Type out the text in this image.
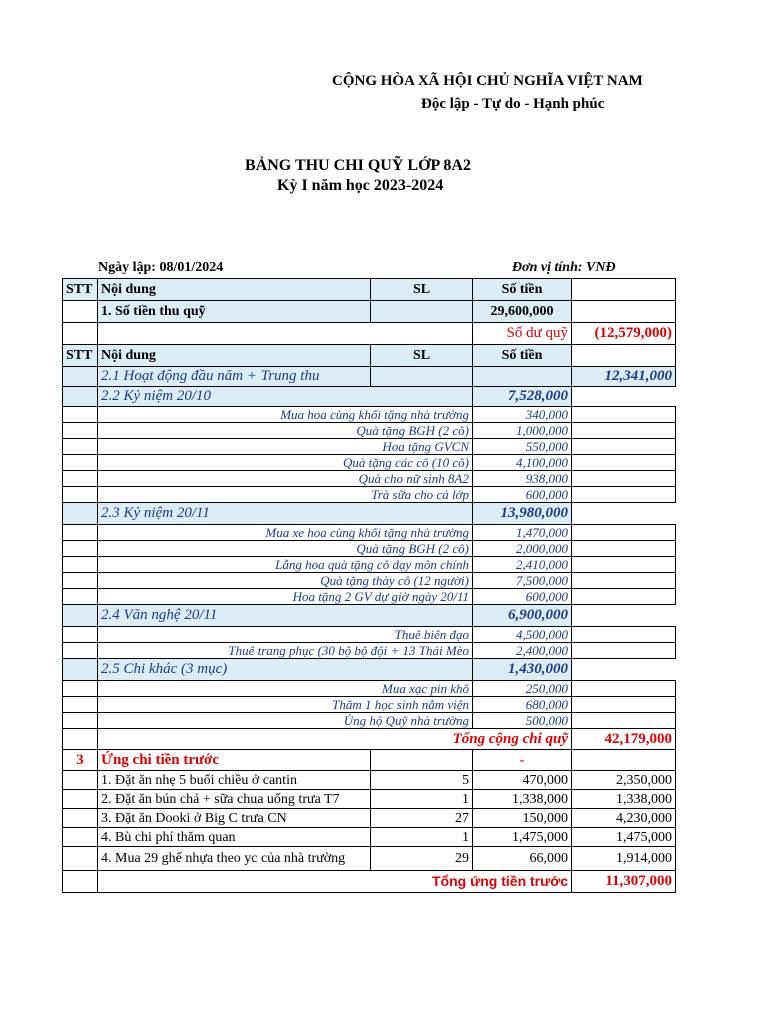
CỘNG HÒA XÃ HỘI CHỦ NGHĨA VIỆT NAM
Độc lập - Tự do - Hạnh phúc
BẢNG THU CHI QUỸ LỚP 8A2
Kỳ I năm học 2023-2024
Ngày lập: 08/01/2024	Đơn vị tính: VNĐ
STT	Nội dung	SL	Số tiền	
	1. Số tiền thu quỹ		29,600,000	
			Số dư quỹ	(12,579,000)
STT	Nội dung	SL	Số tiền	
	2.1 Hoạt động đầu năm + Trung thu			12,341,000
	2.2 Kỷ niệm 20/10		7,528,000	
	Mua hoa cùng khối tặng nhà trường		340,000	
	Quà tặng BGH (2 cô)		1,000,000	
	Hoa tặng GVCN		550,000	
	Quà tặng các cô (10 cô)		4,100,000	
	Quà cho nữ sinh 8A2		938,000	
	Trà sữa cho cả lớp		600,000	
	2.3 Kỷ niệm 20/11		13,980,000	
	Mua xe hoa cùng khối tặng nhà trường		1,470,000	
	Quà tặng BGH (2 cô)		2,000,000	
	Lẵng hoa quà tặng cô dạy môn chính		2,410,000	
	Quà tặng thày cô (12 người)		7,500,000	
	Hoa tặng 2 GV dự giờ ngày 20/11		600,000	
	2.4 Văn nghệ 20/11		6,900,000	
	Thuê biên đạo		4,500,000	
	Thuê trang phục (30 bộ bộ đội + 13 Thái Mèo		2,400,000	
	2.5 Chi khác (3 mục)		1,430,000	
	Mua xạc pin khô		250,000	
	Thăm 1 học sinh nằm viện		680,000	
	Ủng hộ Quỹ nhà trường		500,000	
	Tổng cộng chi quỹ			42,179,000
3	Ứng chi tiền trước		-	
	1. Đặt ăn nhẹ 5 buổi chiều ở cantin	5	470,000	2,350,000
	2. Đặt ăn bún chả + sữa chua uống trưa T7	1	1,338,000	1,338,000
	3. Đặt ăn Dooki ở Big C trưa CN	27	150,000	4,230,000
	4. Bù chi phí thăm quan	1	1,475,000	1,475,000
	4. Mua 29 ghế nhựa theo yc của nhà trường	29	66,000	1,914,000
	Tổng ứng tiền trước			11,307,000
